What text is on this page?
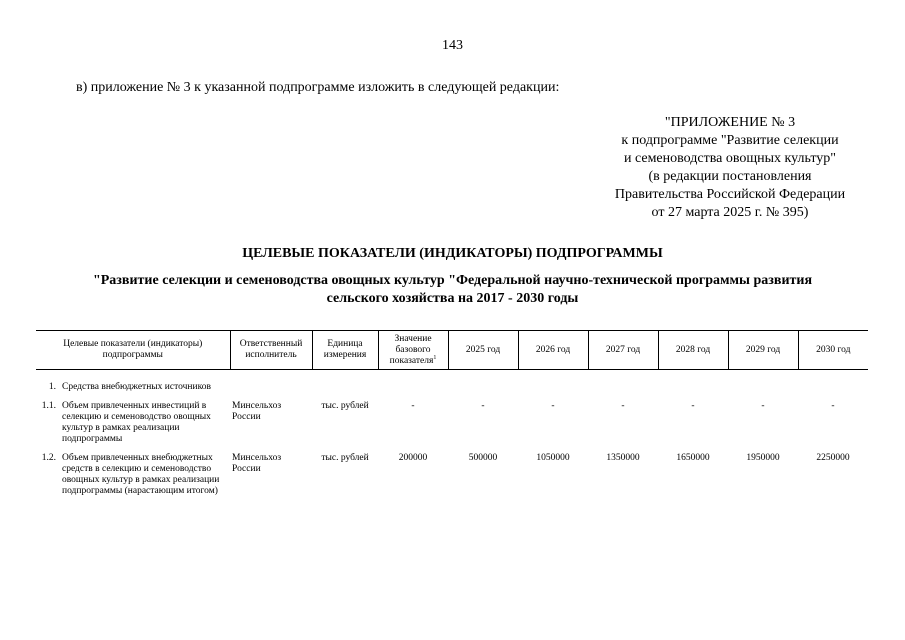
143
в) приложение № 3 к указанной подпрограмме изложить в следующей редакции:
"ПРИЛОЖЕНИЕ № 3
к подпрограмме "Развитие селекции
и семеноводства овощных культур"
(в редакции постановления
Правительства Российской Федерации
от 27 марта 2025 г. № 395)
ЦЕЛЕВЫЕ ПОКАЗАТЕЛИ (ИНДИКАТОРЫ) ПОДПРОГРАММЫ
"Развитие селекции и семеноводства овощных культур "Федеральной научно-технической программы развития сельского хозяйства на 2017 - 2030 годы
Целевые показатели (индикаторы) подпрограммы		Ответственный исполнитель	Единица измерения	Значение базового показателя$^1$	2025 год	2026 год	2027 год	2028 год	2029 год	2030 год

1.	Средства внебюджетных источников									

1.1.	Объем привлеченных инвестиций в селекцию и семеноводство овощных культур в рамках реализации подпрограммы	Минсельхоз России	тыс. рублей	-	-	-	-	-	-	-

1.2.	Объем привлеченных внебюджетных средств в селекцию и семеноводство овощных культур в рамках реализации подпрограммы (нарастающим итогом)	Минсельхоз России	тыс. рублей	200000	500000	1050000	1350000	1650000	1950000	2250000
